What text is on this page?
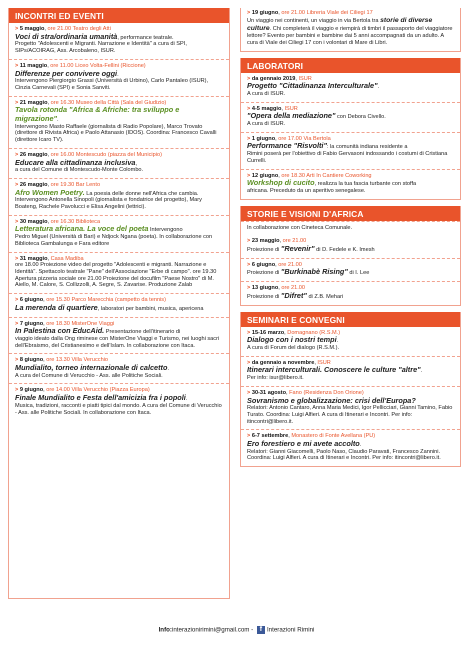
INCONTRI ED EVENTI
> 5 maggio, ore 21.00 Teatro degli Atti
Voci di stra/ordinaria umanità, performance teatrale.
Progetto "Adolescenti e Migranti. Narrazione e Identità" a cura di SPI, SIPs/ACOIRAG, Ass. Arcobaleno, ISUR.
> 11 maggio, ore 11.00 Liceo Volta-Fellini (Riccione)
Differenze per convivere oggi.
Intervengono Piergiorgio Grassi (Università di Urbino), Carlo Pantaleo (ISUR), Cinzia Carnevali (SPI) e Sonia Sanviti.
> 21 maggio, ore 16.30 Museo della Città (Sala del Giudizio)
Tavola rotonda "Africa & Afriche: tra sviluppo e migrazione".
Intervengono Masto Raffaele (giornalista di Radio Popolare), Marco Trovato (direttore di Rivista Africa) e Paolo Attanasio (IDOS). Coordina: Francesco Cavalli (direttore Icaro TV).
> 26 maggio, ore 16.00 Montescudo (piazza del Municipio)
Educare alla cittadinanza inclusiva,
a cura del Comune di Montescudo-Monte Colombo.
> 26 maggio, ore 19.30 Bar Lento
Afro Women Poetry. La poesia delle donne nell'Africa che cambia.
Intervengono Antonella Sinopoli (giornalista e fondatrice del progetto), Mary Boateng, Rachele Pavolucci e Elisa Angelini (lettrici).
> 30 maggio, ore 16.30 Biblioteca
Letteratura africana. La voce del poeta Intervengono
Pedro Miguel (Università di Bari) e Ndjock Ngana (poeta). In collaborazione con Biblioteca Gambalunga e Fara editore
> 31 maggio, Casa Madiba
ore 18.00 Proiezione video del progetto "Adolescenti e migranti. Narrazione e Identità". Spettacolo teatrale "Pane" dell'Associazione "Erbe di campo". ore 19.30 Apertura pizzeria sociale ore 21.00 Proiezione del docufilm "Paese Nostro" di M. Aiello, M. Calore, S. Collizzolli, A. Segre, S. Zavarise. Produzione Zalab
> 6 giugno, ore 15.30 Parco Marecchia (campetto da tennis)
La merenda di quartiere, laboratori per bambini, musica, apericena
> 7 giugno, ore 18.30 MisterOne Viaggi
In Palestina con EducAid. Presentazione dell'itinerario di
viaggio ideato dalla Ong riminese con MisterOne Viaggi e Turismo, nei luoghi sacri dell'Ebraismo, del Cristianesimo e dell'Islam. In collaborazione con Itaca.
> 8 giugno, ore 13.30 Villa Verucchio
Mundialito, torneo internazionale di calcetto.
A cura del Comune di Verucchio - Ass. alle Politiche Sociali.
> 9 giugno, ore 14.00 Villa Verucchio (Piazza Europa)
Finale Mundialito e Festa dell'amicizia fra i popoli.
Musica, tradizioni, racconti e piatti tipici dal mondo. A cura del Comune di Verucchio - Ass. alle Politiche Sociali. In collaborazione con Itaca.
> 19 giugno, ore 21.00 Libreria Viale dei Ciliegi 17
Un viaggio nei continenti, un viaggio in via Bertola tra storie di diverse culture. Chi completerà il viaggio e riempirà di timbri il passaporto del viaggiatore lettore? Evento per bambini e bambine dai 5 anni accompagnati da un adulto. A cura di Viale dei Ciliegi 17 con i volontari di Mare di Libri.
LABORATORI
> da gennaio 2019, ISUR
Progetto "Cittadinanza Interculturale".
A cura di ISUR.
> 4-5 maggio, ISUR
"Opera della mediazione" con Debora Civello.
A cura di ISUR.
> 1 giugno, ore 17.00 Via Bertola
Performance "Risvolti": la comunità indiana residente a
Rimini poserà per l'obiettivo di Fabio Gervasoni indossando i costumi di Cristiana Currelli.
> 12 giugno, ore 18.30 Arti In Cantiere Coworking
Workshop di cucito, realizza la tua fascia turbante con stoffa
africana. Preceduto da un aperitivo senegalese.
STORIE E VISIONI D'AFRICA
In collaborazione con Cineteca Comunale.
> 23 maggio, ore 21.00
Proiezione di "Revenir" di D. Fedele e K. Imesh
> 6 giugno, ore 21.00
Proiezione di "Burkinabè Rising" di I. Lee
> 13 giugno, ore 21.00
Proiezione di "Difret" di Z.B. Mehari
SEMINARI E CONVEGNI
> 15-16 marzo, Domagnano (R.S.M.)
Dialogo con i nostri tempi.
A cura di Forum del dialogo (R.S.M.).
> da gennaio a novembre, ISUR
Itinerari interculturali. Conoscere le culture "altre".
Per info: isur@libero.it.
> 30-31 agosto, Fano (Residenza Don Orione)
Sovranismo e globalizzazione: crisi dell'Europa?
Relatori: Antonio Cantaro, Anna Maria Medici, Igor Pellicciari, Gianni Tamino, Fabio Turato. Coordina: Luigi Alfieri. A cura di Itinerari e Incontri. Per info: itincontri@libero.it.
> 6-7 settembre, Monastero di Fonte Avellana (PU)
Ero forestiero e mi avete accolto.
Relatori: Gianni Giacomelli, Paolo Naso, Claudio Paravati, Francesco Zannini. Coordina: Luigi Alfieri. A cura di Itinerari e Incontri. Per info: itincontri@libero.it.
Info:interazionirimini@gmail.com - f Interazioni Rimini
